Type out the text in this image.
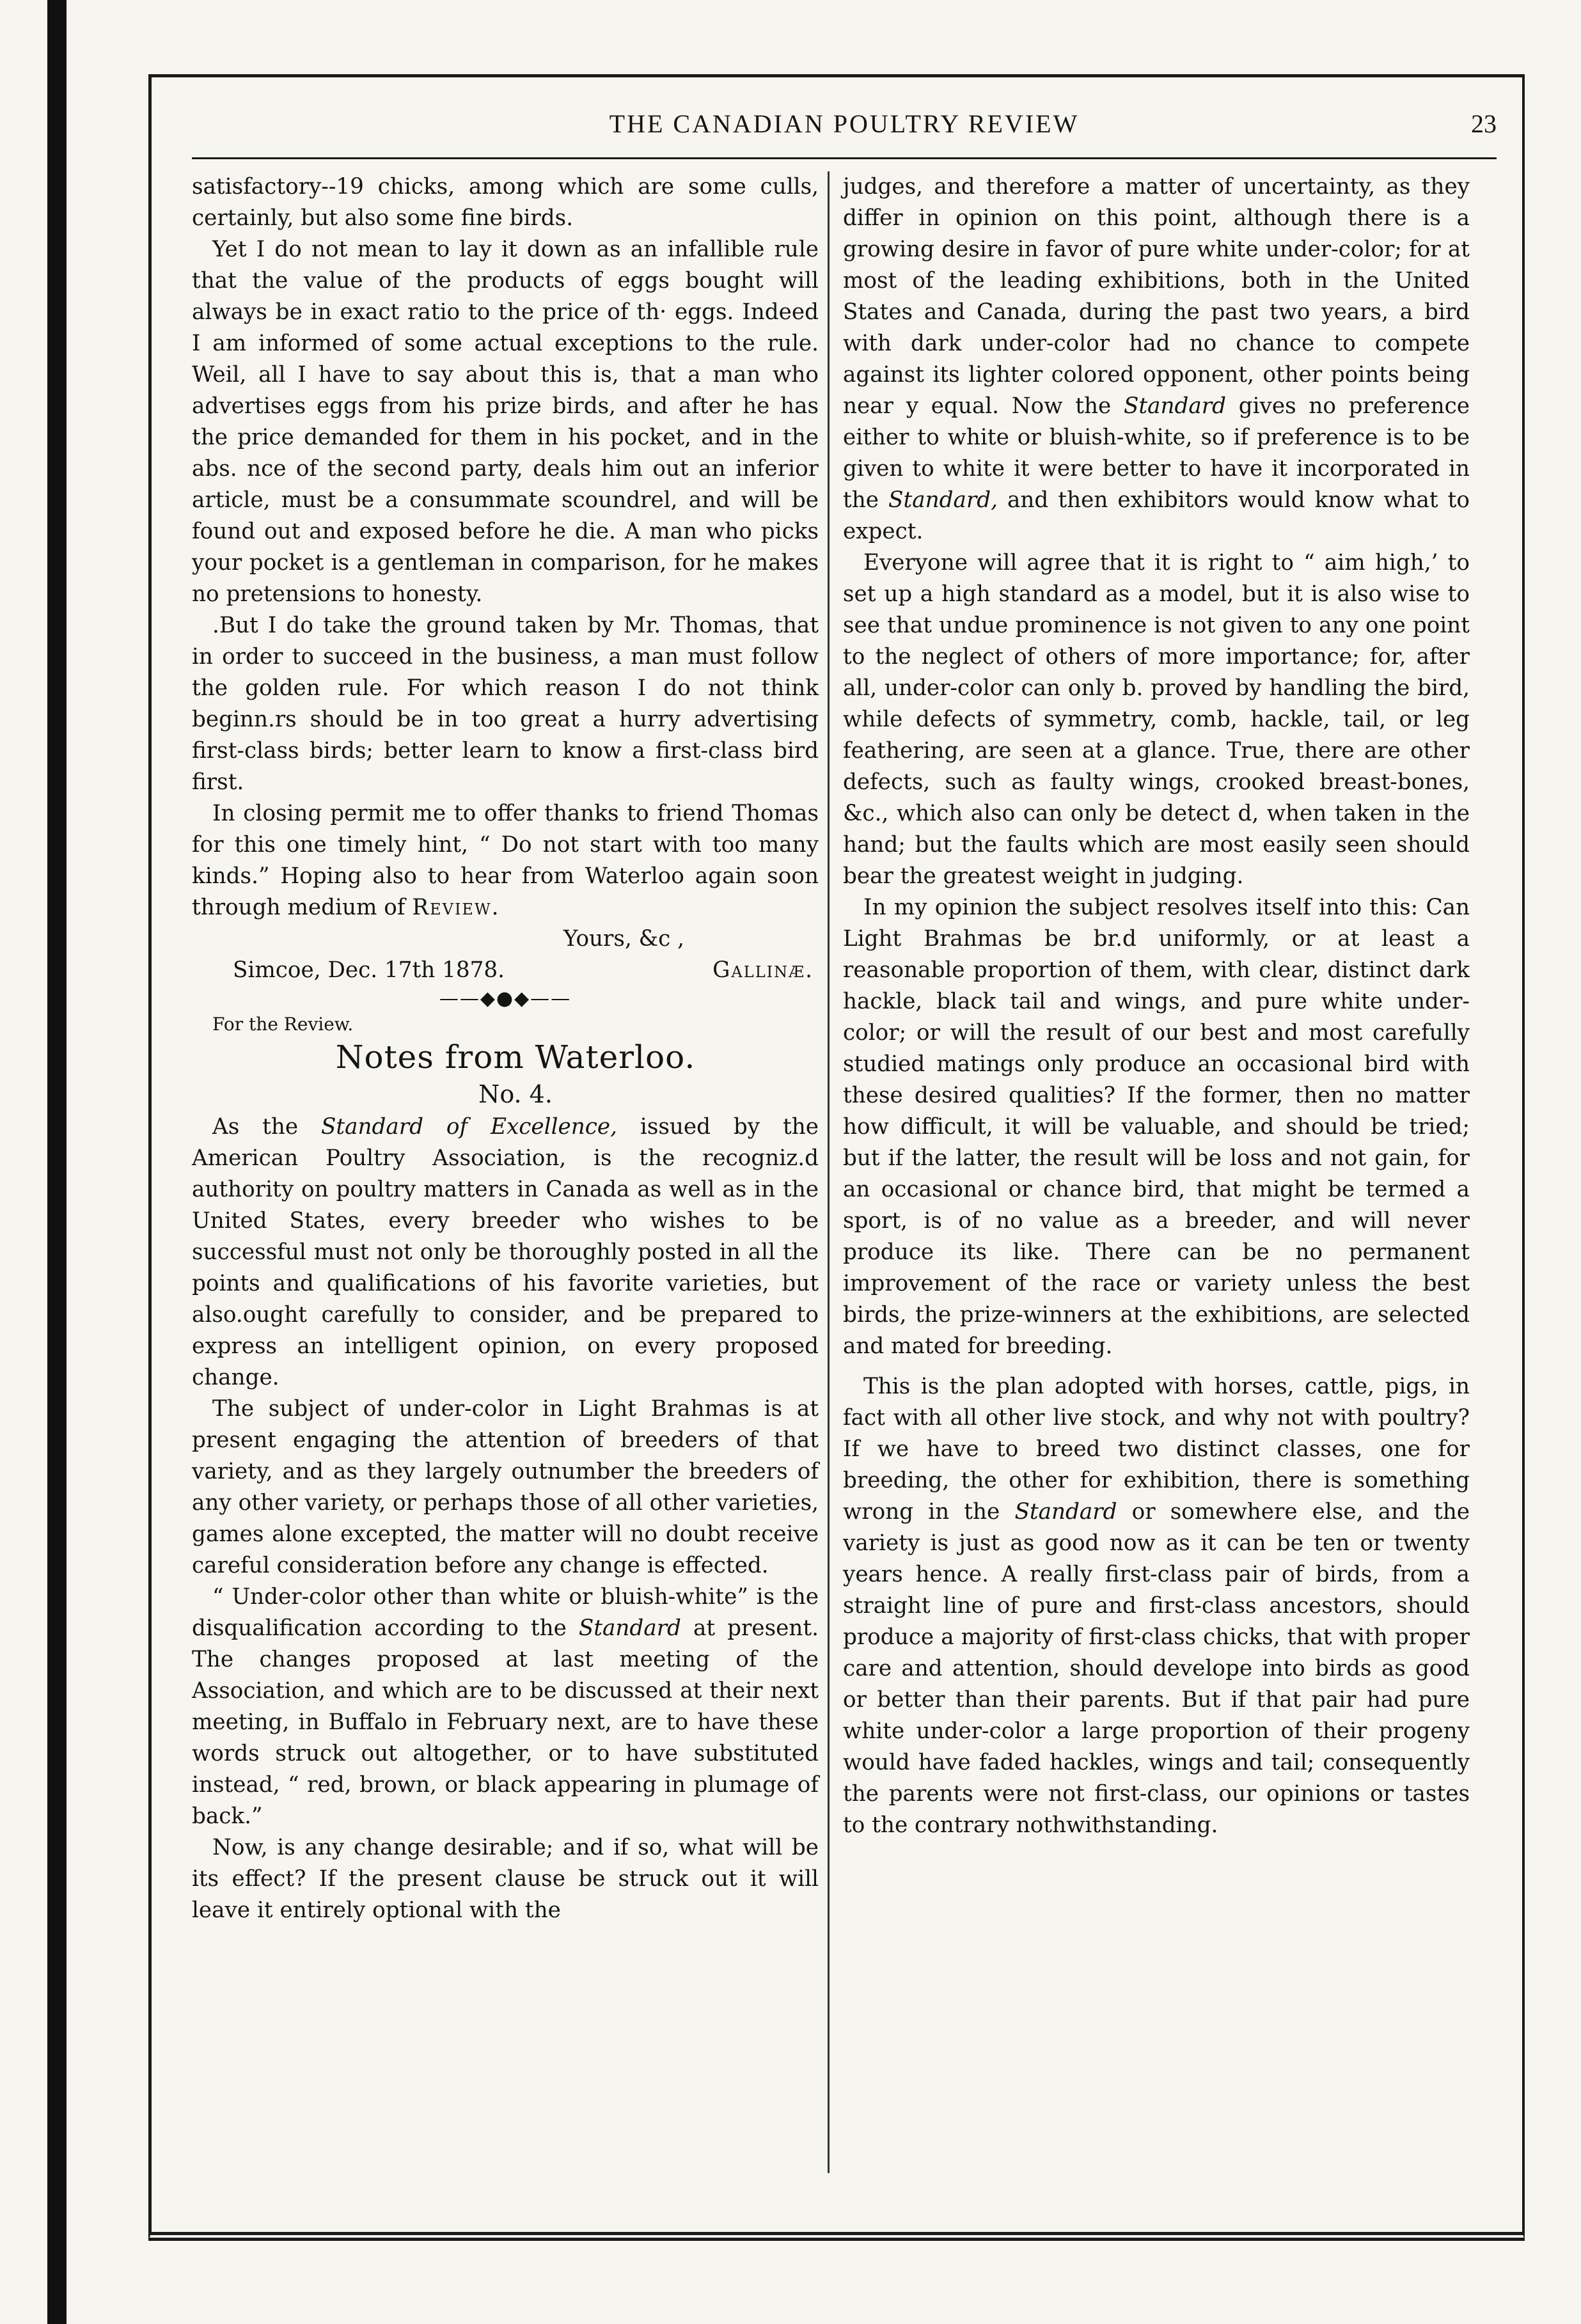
THE CANADIAN POULTRY REVIEW	23

satisfactory--19 chicks, among which are some culls, certainly, but also some fine birds.

Yet I do not mean to lay it down as an infallible rule that the value of the products of eggs bought will always be in exact ratio to the price of th· eggs. Indeed I am informed of some actual exceptions to the rule. Weil, all I have to say about this is, that a man who advertises eggs from his prize birds, and after he has the price demanded for them in his pocket, and in the abs. nce of the second party, deals him out an inferior article, must be a consummate scoundrel, and will be found out and exposed before he die. A man who picks your pocket is a gentleman in comparison, for he makes no pretensions to honesty.

.But I do take the ground taken by Mr. Thomas, that in order to succeed in the business, a man must follow the golden rule. For which reason I do not think beginn.rs should be in too great a hurry advertising first-class birds; better learn to know a first-class bird first.

In closing permit me to offer thanks to friend Thomas for this one timely hint, “ Do not start with too many kinds.” Hoping also to hear from Waterloo again soon through medium of Review.

Yours, &c ,

Simcoe, Dec. 17th 1878.	Gallinæ.

——◆●◆——

For the Review.

Notes from Waterloo.

No. 4.

As the Standard of Excellence, issued by the American Poultry Association, is the recogniz.d authority on poultry matters in Canada as well as in the United States, every breeder who wishes to be successful must not only be thoroughly posted in all the points and qualifications of his favorite varieties, but also.ought carefully to consider, and be prepared to express an intelligent opinion, on every proposed change.

The subject of under-color in Light Brahmas is at present engaging the attention of breeders of that variety, and as they largely outnumber the breeders of any other variety, or perhaps those of all other varieties, games alone excepted, the matter will no doubt receive careful consideration before any change is effected.

“ Under-color other than white or bluish-white” is the disqualification according to the Standard at present. The changes proposed at last meeting of the Association, and which are to be discussed at their next meeting, in Buffalo in February next, are to have these words struck out altogether, or to have substituted instead, “ red, brown, or black appearing in plumage of back.”

Now, is any change desirable; and if so, what will be its effect? If the present clause be struck out it will leave it entirely optional with the

judges, and therefore a matter of uncertainty, as they differ in opinion on this point, although there is a growing desire in favor of pure white under-color; for at most of the leading exhibitions, both in the United States and Canada, during the past two years, a bird with dark under-color had no chance to compete against its lighter colored opponent, other points being near y equal. Now the Standard gives no preference either to white or bluish-white, so if preference is to be given to white it were better to have it incorporated in the Standard, and then exhibitors would know what to expect.

Everyone will agree that it is right to “ aim high,’ to set up a high standard as a model, but it is also wise to see that undue prominence is not given to any one point to the neglect of others of more importance; for, after all, under-color can only b. proved by handling the bird, while defects of symmetry, comb, hackle, tail, or leg feathering, are seen at a glance. True, there are other defects, such as faulty wings, crooked breast-bones, &c., which also can only be detect d, when taken in the hand; but the faults which are most easily seen should bear the greatest weight in judging.

In my opinion the subject resolves itself into this: Can Light Brahmas be br.d uniformly, or at least a reasonable proportion of them, with clear, distinct dark hackle, black tail and wings, and pure white under-color; or will the result of our best and most carefully studied matings only produce an occasional bird with these desired qualities? If the former, then no matter how difficult, it will be valuable, and should be tried; but if the latter, the result will be loss and not gain, for an occasional or chance bird, that might be termed a sport, is of no value as a breeder, and will never produce its like. There can be no permanent improvement of the race or variety unless the best birds, the prize-winners at the exhibitions, are selected and mated for breeding.

This is the plan adopted with horses, cattle, pigs, in fact with all other live stock, and why not with poultry? If we have to breed two distinct classes, one for breeding, the other for exhibition, there is something wrong in the Standard or somewhere else, and the variety is just as good now as it can be ten or twenty years hence. A really first-class pair of birds, from a straight line of pure and first-class ancestors, should produce a majority of first-class chicks, that with proper care and attention, should develope into birds as good or better than their parents. But if that pair had pure white under-color a large proportion of their progeny would have faded hackles, wings and tail; consequently the parents were not first-class, our opinions or tastes to the contrary nothwithstanding.
